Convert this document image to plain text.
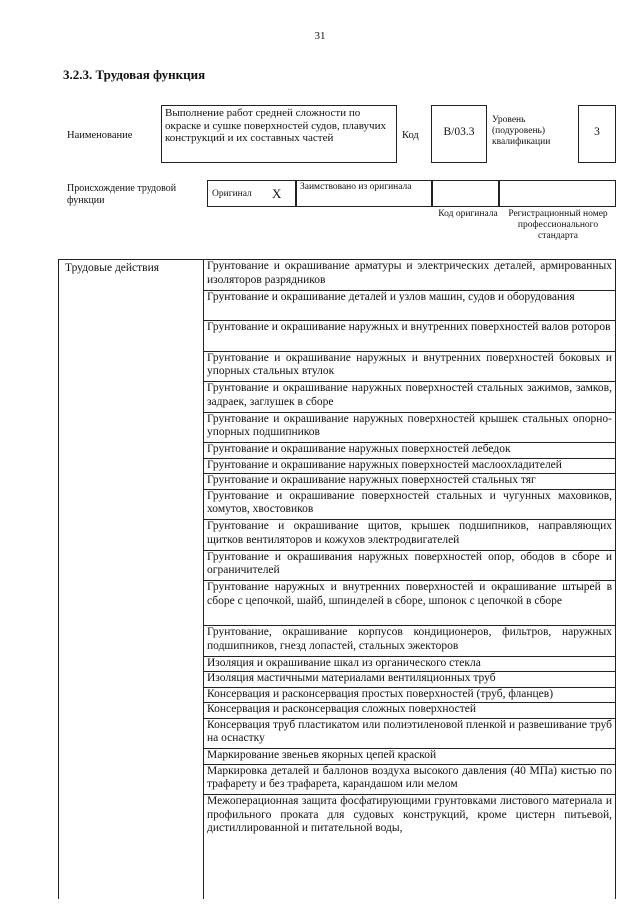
31
3.2.3. Трудовая функция
Наименование
Выполнение работ средней сложности по окраске и сушке поверхностей судов, плавучих конструкций и их составных частей	Код	B/03.3
Уровень (подуровень) квалификации
3
Происхождение трудовой функции
Оригинал X	Заимствовано из оригинала
Код оригинала	Регистрационный номер профессионального стандарта
Трудовые действия	Грунтование и окрашивание арматуры и электрических деталей, армированных изоляторов разрядников
Грунтование и окрашивание деталей и узлов машин, судов и оборудования
Грунтование и окрашивание наружных и внутренних поверхностей валов роторов
Грунтование и окрашивание наружных и внутренних поверхностей боковых и упорных стальных втулок
Грунтование и окрашивание наружных поверхностей стальных зажимов, замков, задраек, заглушек в сборе
Грунтование и окрашивание наружных поверхностей крышек стальных опорно-упорных подшипников
Грунтование и окрашивание наружных поверхностей лебедок
Грунтование и окрашивание наружных поверхностей маслоохладителей
Грунтование и окрашивание наружных поверхностей стальных тяг
Грунтование и окрашивание поверхностей стальных и чугунных маховиков, хомутов, хвостовиков
Грунтование и окрашивание щитов, крышек подшипников, направляющих щитков вентиляторов и кожухов электродвигателей
Грунтование и окрашивания наружных поверхностей опор, ободов в сборе и ограничителей
Грунтование наружных и внутренних поверхностей и окрашивание штырей в сборе с цепочкой, шайб, шпинделей в сборе, шпонок с цепочкой в сборе
Грунтование, окрашивание корпусов кондиционеров, фильтров, наружных подшипников, гнезд лопастей, стальных эжекторов
Изоляция и окрашивание шкал из органического стекла
Изоляция мастичными материалами вентиляционных труб
Консервация и расконсервация простых поверхностей (труб, фланцев)
Консервация и расконсервация сложных поверхностей
Консервация труб пластикатом или полиэтиленовой пленкой и развешивание труб на оснастку
Маркирование звеньев якорных цепей краской
Маркировка деталей и баллонов воздуха высокого давления (40 МПа) кистью по трафарету и без трафарета, карандашом или мелом
Межоперационная защита фосфатирующими грунтовками листового материала и профильного проката для судовых конструкций, кроме цистерн питьевой, дистиллированной и питательной воды,
